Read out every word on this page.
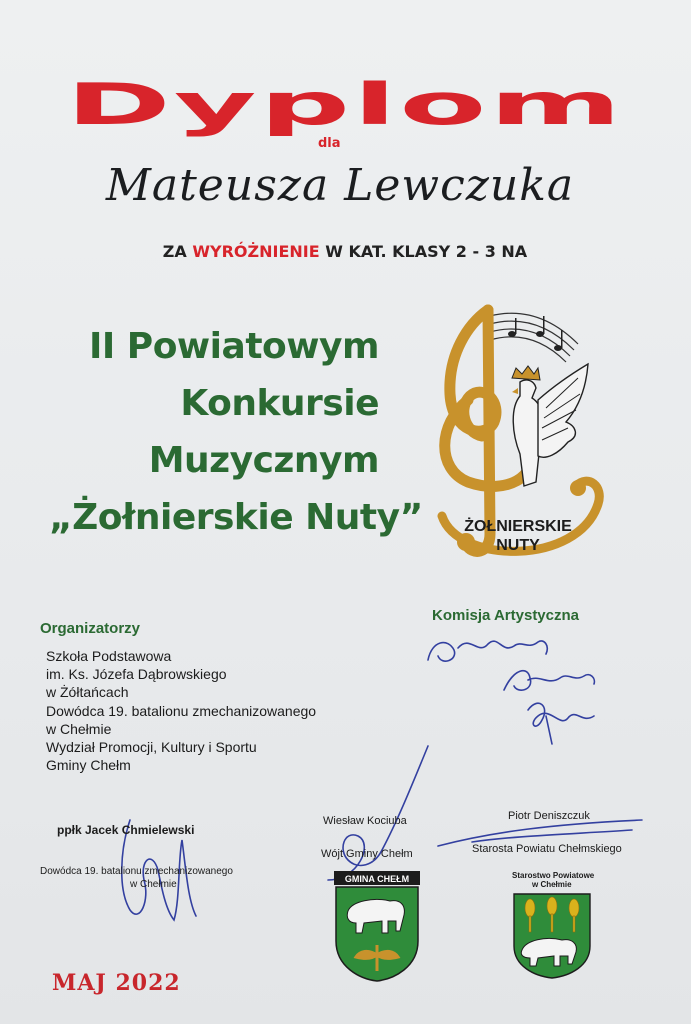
Dyplom
dla
Mateusza Lewczuka
ZA WYRÓŻNIENIE W KAT. KLASY 2 - 3 NA
II Powiatowym
Konkursie
Muzycznym
„Żołnierskie Nuty”	ŻOŁNIERSKIE
NUTY
Organizatorzy
Szkoła Podstawowa
im. Ks. Józefa Dąbrowskiego
w Żółtańcach
Dowódca 19. batalionu zmechanizowanego
w Chełmie
Wydział Promocji, Kultury i Sportu
Gminy Chełm
Komisja Artystyczna
ppłk Jacek Chmielewski
Dowódca 19. batalionu zmechanizowanego
w Chełmie
Wiesław Kociuba
Wójt Gminy Chełm
GMINA CHEŁM
Piotr Deniszczuk
Starosta Powiatu Chełmskiego
Starostwo Powiatowe
w Chełmie
MAJ 2022
